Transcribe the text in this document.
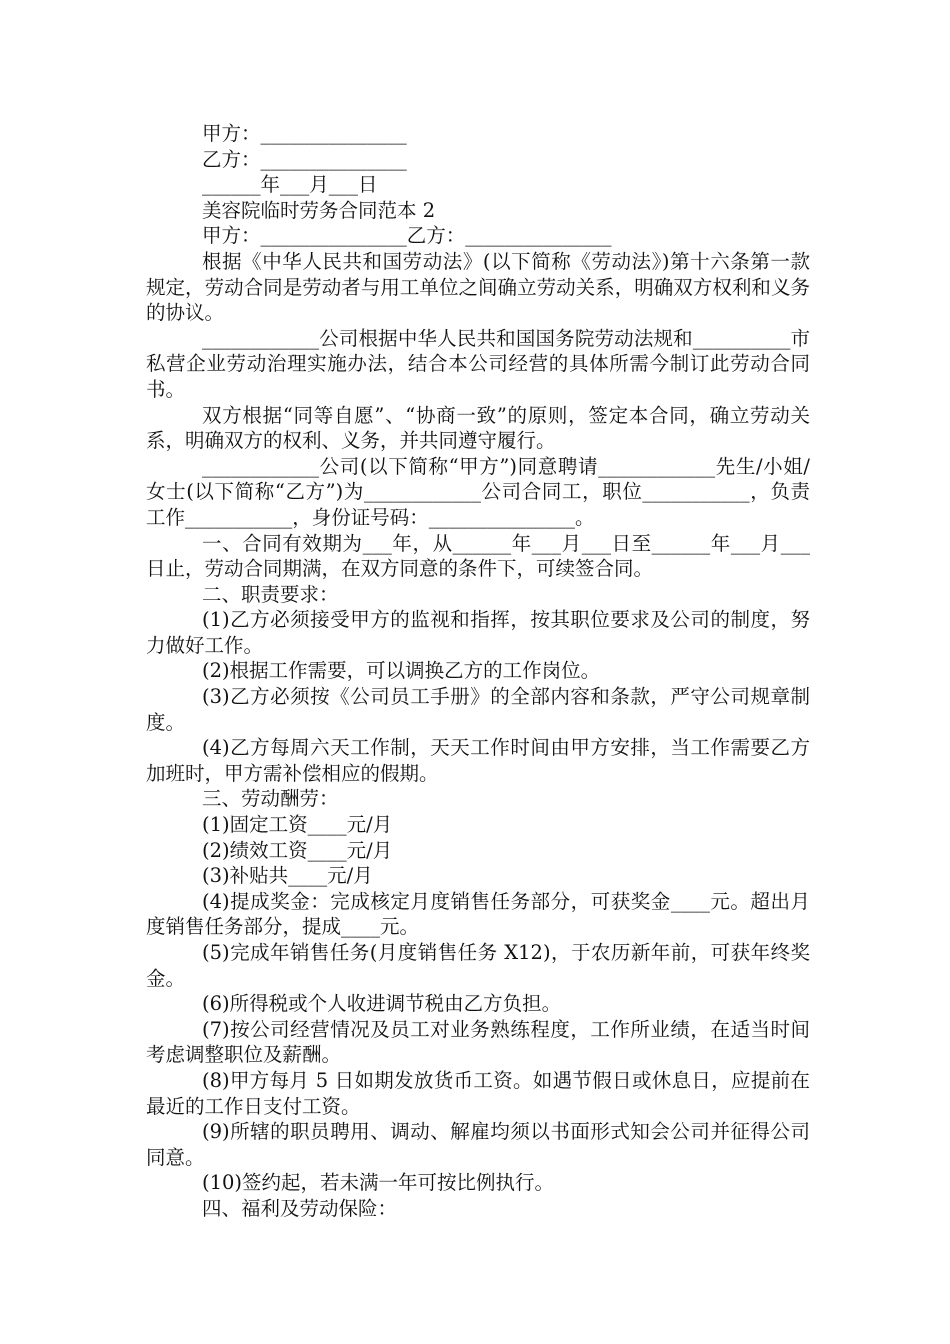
甲方：_______________

乙方：_______________

______年___月___日

美容院临时劳务合同范本 2

甲方：_______________乙方：_______________

根据《中华人民共和国劳动法》(以下简称《劳动法》)第十六条第一款规定，劳动合同是劳动者与用工单位之间确立劳动关系，明确双方权利和义务的协议。

____________公司根据中华人民共和国国务院劳动法规和__________市私营企业劳动治理实施办法，结合本公司经营的具体所需今制订此劳动合同书。

双方根据“同等自愿”、“协商一致”的原则，签定本合同，确立劳动关系，明确双方的权利、义务，并共同遵守履行。

____________公司(以下简称“甲方”)同意聘请____________先生/小姐/女士(以下简称“乙方”)为____________公司合同工，职位___________，负责工作___________，身份证号码：_______________。

一、合同有效期为___年，从______年___月___日至______年___月___日止，劳动合同期满，在双方同意的条件下，可续签合同。

二、职责要求：

(1)乙方必须接受甲方的监视和指挥，按其职位要求及公司的制度，努力做好工作。

(2)根据工作需要，可以调换乙方的工作岗位。

(3)乙方必须按《公司员工手册》的全部内容和条款，严守公司规章制度。

(4)乙方每周六天工作制，天天工作时间由甲方安排，当工作需要乙方加班时，甲方需补偿相应的假期。

三、劳动酬劳：

(1)固定工资____元/月

(2)绩效工资____元/月

(3)补贴共____元/月

(4)提成奖金：完成核定月度销售任务部分，可获奖金____元。超出月度销售任务部分，提成____元。

(5)完成年销售任务(月度销售任务 X12)，于农历新年前，可获年终奖金。

(6)所得税或个人收进调节税由乙方负担。

(7)按公司经营情况及员工对业务熟练程度，工作所业绩，在适当时间考虑调整职位及薪酬。

(8)甲方每月 5 日如期发放货币工资。如遇节假日或休息日，应提前在最近的工作日支付工资。

(9)所辖的职员聘用、调动、解雇均须以书面形式知会公司并征得公司同意。

(10)签约起，若未满一年可按比例执行。

四、福利及劳动保险：
